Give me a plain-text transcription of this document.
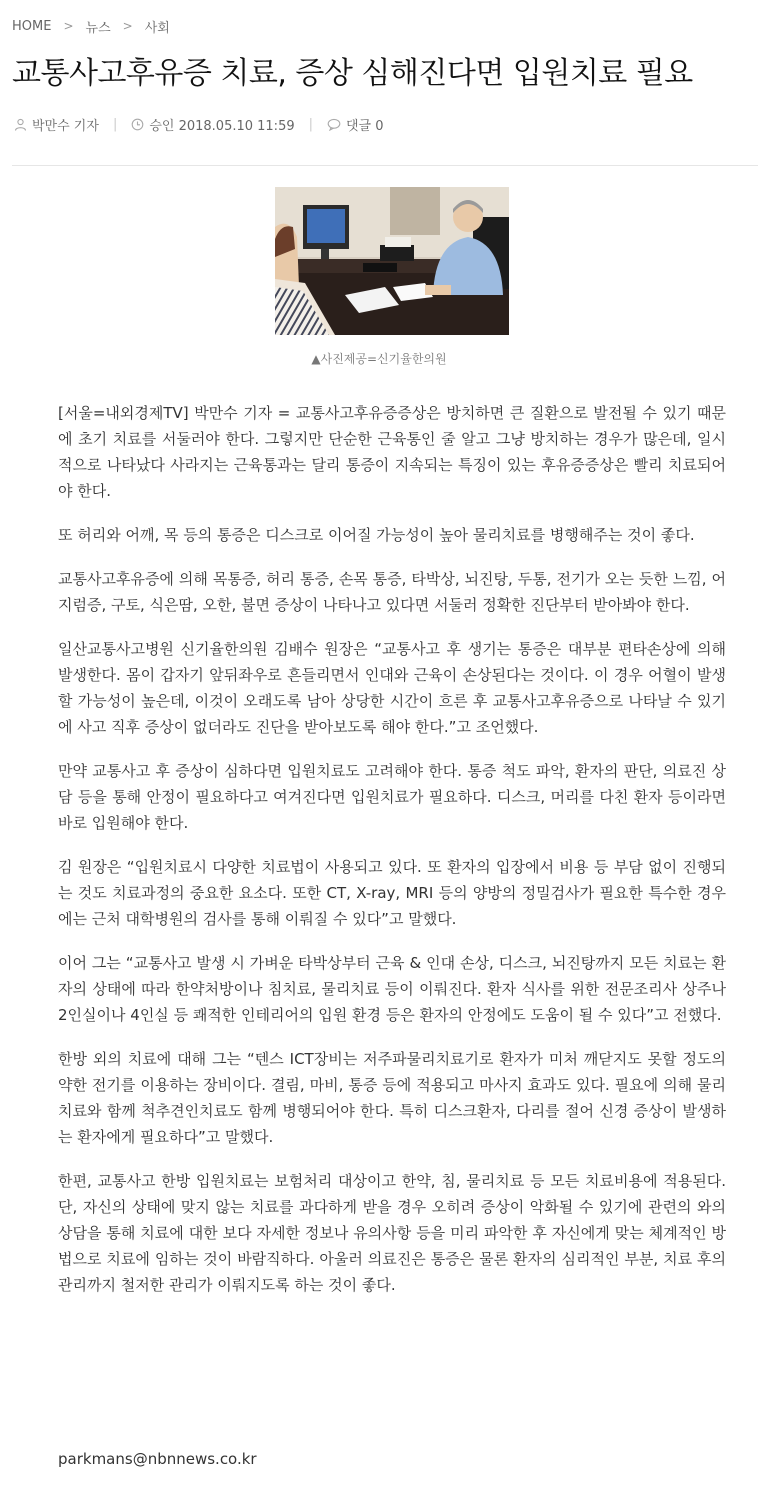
HOME > 뉴스 > 사회
교통사고후유증 치료, 증상 심해진다면 입원치료 필요
박만수 기자 | 승인 2018.05.10 11:59 |	댓글 0
▲사진제공=신기율한의원

[서울=내외경제TV] 박만수 기자 = 교통사고후유증증상은 방치하면 큰 질환으로 발전될 수 있기 때문에 초기 치료를 서둘러야 한다. 그렇지만 단순한 근육통인 줄 알고 그냥 방치하는 경우가 많은데, 일시적으로 나타났다 사라지는 근육통과는 달리 통증이 지속되는 특징이 있는 후유증증상은 빨리 치료되어야 한다.

또 허리와 어깨, 목 등의 통증은 디스크로 이어질 가능성이 높아 물리치료를 병행해주는 것이 좋다.

교통사고후유증에 의해 목통증, 허리 통증, 손목 통증, 타박상, 뇌진탕, 두통, 전기가 오는 듯한 느낌, 어지럼증, 구토, 식은땀, 오한, 불면 증상이 나타나고 있다면 서둘러 정확한 진단부터 받아봐야 한다.

일산교통사고병원 신기율한의원 김배수 원장은 “교통사고 후 생기는 통증은 대부분 편타손상에 의해 발생한다. 몸이 갑자기 앞뒤좌우로 흔들리면서 인대와 근육이 손상된다는 것이다. 이 경우 어혈이 발생할 가능성이 높은데, 이것이 오래도록 남아 상당한 시간이 흐른 후 교통사고후유증으로 나타날 수 있기에 사고 직후 증상이 없더라도 진단을 받아보도록 해야 한다.”고 조언했다.

만약 교통사고 후 증상이 심하다면 입원치료도 고려해야 한다. 통증 척도 파악, 환자의 판단, 의료진 상담 등을 통해 안정이 필요하다고 여겨진다면 입원치료가 필요하다. 디스크, 머리를 다친 환자 등이라면 바로 입원해야 한다.

김 원장은 “입원치료시 다양한 치료법이 사용되고 있다. 또 환자의 입장에서 비용 등 부담 없이 진행되는 것도 치료과정의 중요한 요소다. 또한 CT, X-ray, MRI 등의 양방의 정밀검사가 필요한 특수한 경우에는 근처 대학병원의 검사를 통해 이뤄질 수 있다”고 말했다.

이어 그는 “교통사고 발생 시 가벼운 타박상부터 근육 & 인대 손상, 디스크, 뇌진탕까지 모든 치료는 환자의 상태에 따라 한약처방이나 침치료, 물리치료 등이 이뤄진다. 환자 식사를 위한 전문조리사 상주나 2인실이나 4인실 등 쾌적한 인테리어의 입원 환경 등은 환자의 안정에도 도움이 될 수 있다”고 전했다.

한방 외의 치료에 대해 그는 “텐스 ICT장비는 저주파물리치료기로 환자가 미처 깨닫지도 못할 정도의 약한 전기를 이용하는 장비이다. 결림, 마비, 통증 등에 적용되고 마사지 효과도 있다. 필요에 의해 물리치료와 함께 척추견인치료도 함께 병행되어야 한다. 특히 디스크환자, 다리를 절어 신경 증상이 발생하는 환자에게 필요하다”고 말했다.

한편, 교통사고 한방 입원치료는 보험처리 대상이고 한약, 침, 물리치료 등 모든 치료비용에 적용된다. 단, 자신의 상태에 맞지 않는 치료를 과다하게 받을 경우 오히려 증상이 악화될 수 있기에 관련의 와의 상담을 통해 치료에 대한 보다 자세한 정보나 유의사항 등을 미리 파악한 후 자신에게 맞는 체계적인 방법으로 치료에 임하는 것이 바람직하다. 아울러 의료진은 통증은 물론 환자의 심리적인 부분, 치료 후의 관리까지 철저한 관리가 이뤄지도록 하는 것이 좋다.

parkmans@nbnnews.co.kr
